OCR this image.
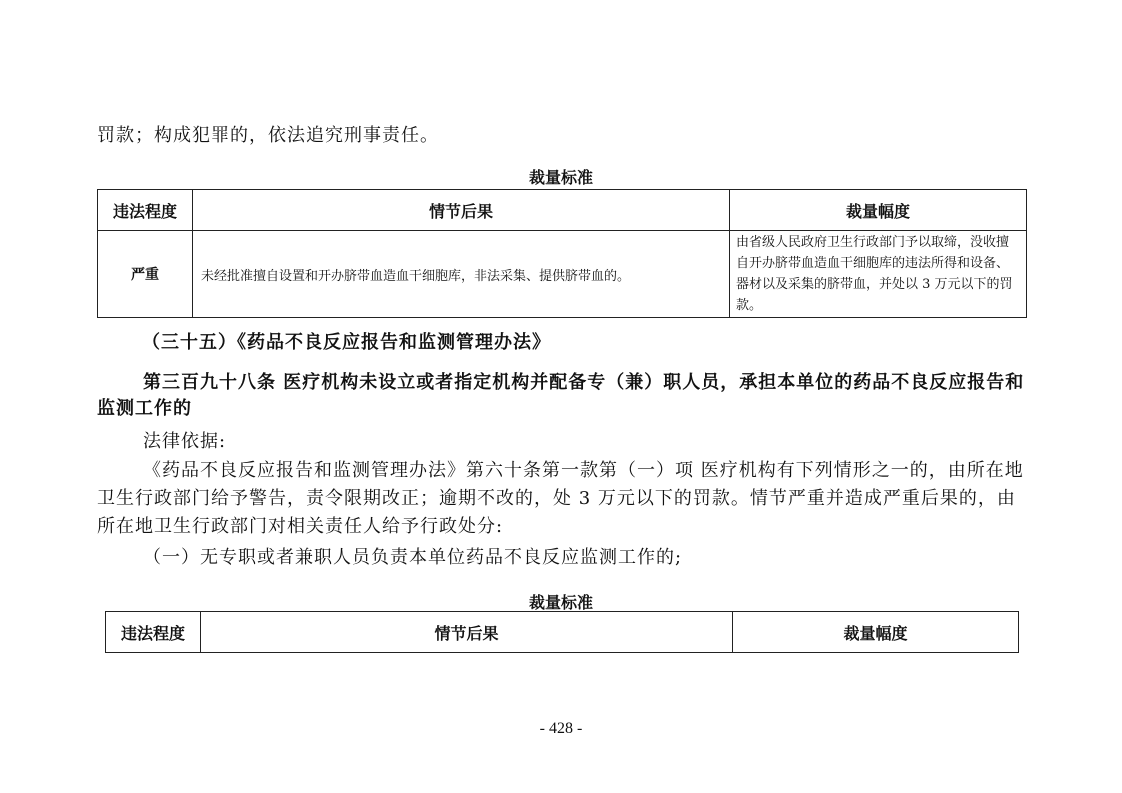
罚款；构成犯罪的，依法追究刑事责任。
裁量标准
违法程度	情节后果	裁量幅度
严重	未经批准擅自设置和开办脐带血造血干细胞库，非法采集、提供脐带血的。	由省级人民政府卫生行政部门予以取缔，没收擅自开办脐带血造血干细胞库的违法所得和设备、器材以及采集的脐带血，并处以 3 万元以下的罚款。
（三十五）《药品不良反应报告和监测管理办法》
第三百九十八条 医疗机构未设立或者指定机构并配备专（兼）职人员，承担本单位的药品不良反应报告和监测工作的
法律依据:
《药品不良反应报告和监测管理办法》第六十条第一款第（一）项 医疗机构有下列情形之一的，由所在地卫生行政部门给予警告，责令限期改正；逾期不改的，处 3 万元以下的罚款。情节严重并造成严重后果的，由所在地卫生行政部门对相关责任人给予行政处分:
（一）无专职或者兼职人员负责本单位药品不良反应监测工作的;
裁量标准
违法程度	情节后果	裁量幅度
- 428 -
